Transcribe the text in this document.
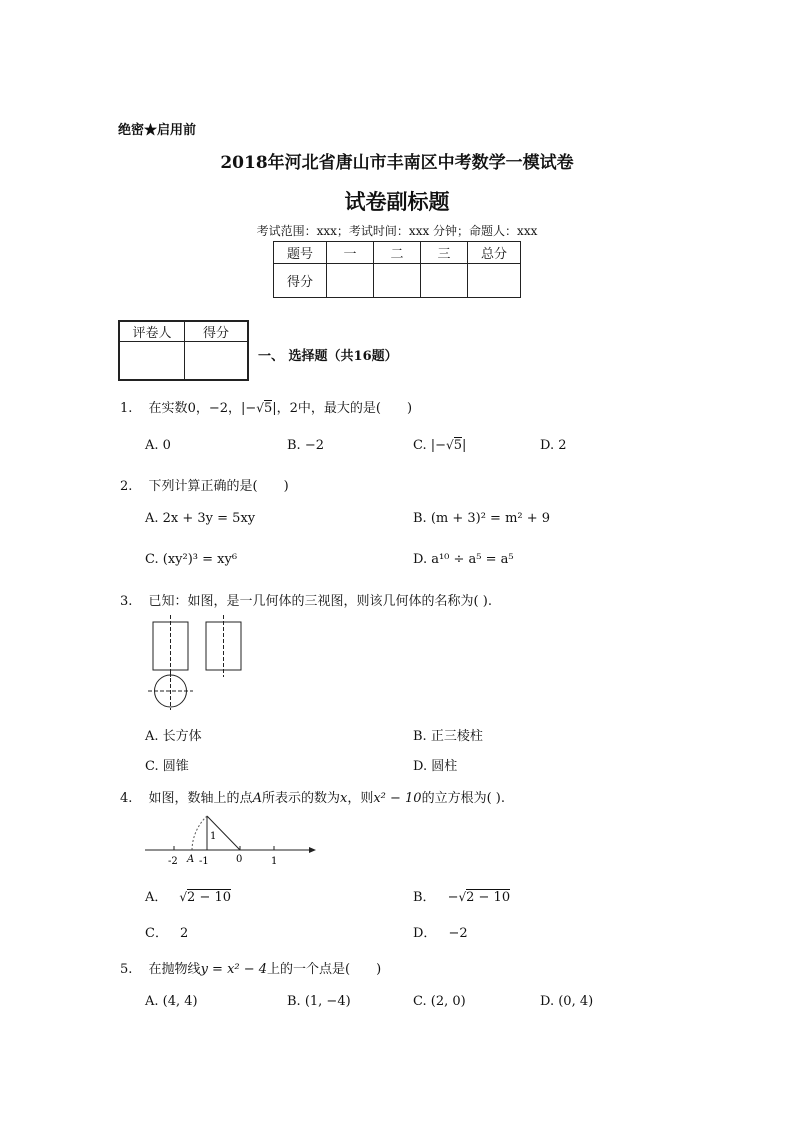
绝密★启用前
2018年河北省唐山市丰南区中考数学一模试卷
试卷副标题
考试范围：xxx；考试时间：xxx 分钟；命题人：xxx
题号	一	二	三	总分
得分				
评卷人	得分

一、 选择题（共16题）
1. 在实数0，−2，|−√5|，2中，最大的是(　　)
A. 0	B. −2	C. |−√5|	D. 2
2. 下列计算正确的是(　　)
A. 2x + 3y = 5xy	B. (m + 3)² = m² + 9
C. (xy²)³ = xy⁶	D. a¹⁰ ÷ a⁵ = a⁵
3. 已知：如图，是一几何体的三视图，则该几何体的名称为( ).
A. 长方体	B. 正三棱柱
C. 圆锥	D. 圆柱
4. 如图，数轴上的点A所表示的数为x，则x² − 10的立方根为( ).
-2 A -1
1
0	1
A． √2 − 10	B． −√2 − 10
C． 2	D． −2
5. 在抛物线y = x² − 4上的一个点是(　　)
A. (4, 4)	B. (1, −4)	C. (2, 0)	D. (0, 4)
